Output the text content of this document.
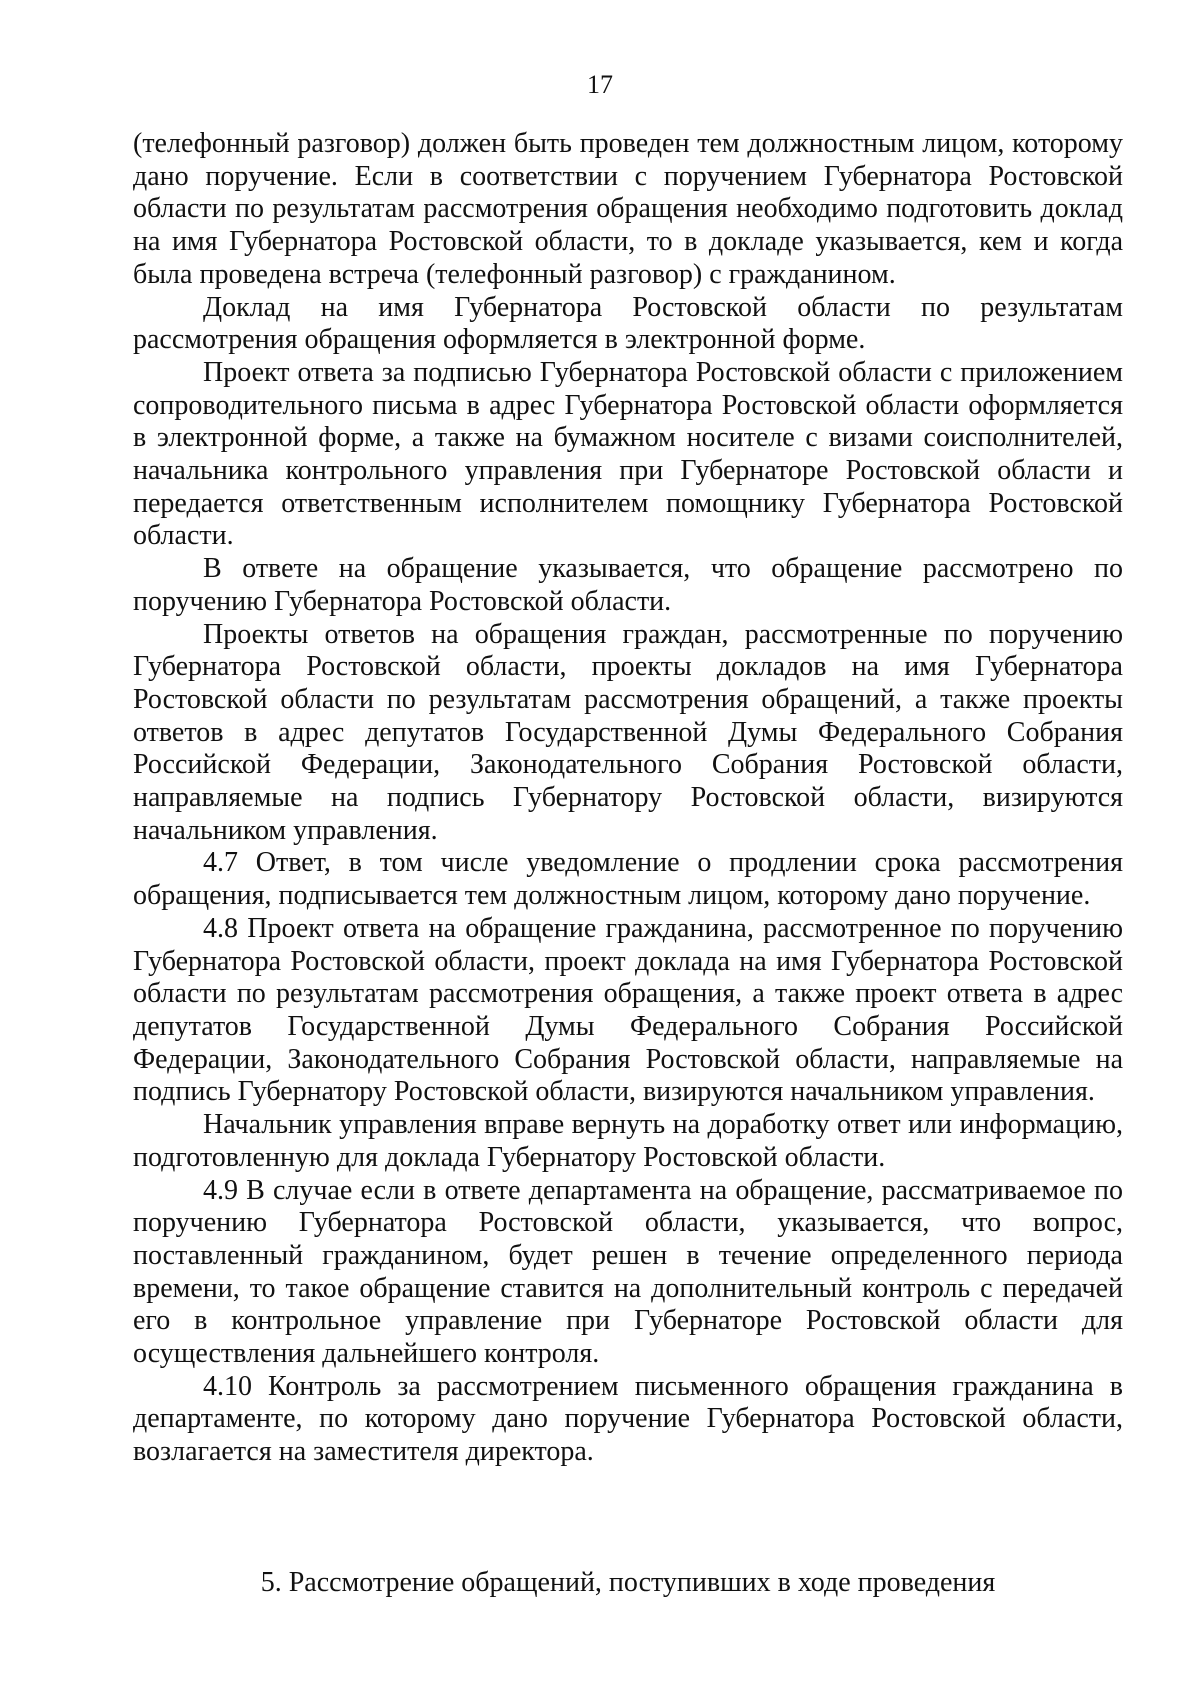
17

(телефонный разговор) должен быть проведен тем должностным лицом, которому дано поручение. Если в соответствии с поручением Губернатора Ростовской области по результатам рассмотрения обращения необходимо подготовить доклад на имя Губернатора Ростовской области, то в докладе указывается, кем и когда была проведена встреча (телефонный разговор) с гражданином.

Доклад на имя Губернатора Ростовской области по результатам рассмотрения обращения оформляется в электронной форме.

Проект ответа за подписью Губернатора Ростовской области с приложением сопроводительного письма в адрес Губернатора Ростовской области оформляется в электронной форме, а также на бумажном носителе с визами соисполнителей, начальника контрольного управления при Губернаторе Ростовской области и передается ответственным исполнителем помощнику Губернатора Ростовской области.

В ответе на обращение указывается, что обращение рассмотрено по поручению Губернатора Ростовской области.

Проекты ответов на обращения граждан, рассмотренные по поручению Губернатора Ростовской области, проекты докладов на имя Губернатора Ростовской области по результатам рассмотрения обращений, а также проекты ответов в адрес депутатов Государственной Думы Федерального Собрания Российской Федерации, Законодательного Собрания Ростовской области, направляемые на подпись Губернатору Ростовской области, визируются начальником управления.

4.7 Ответ, в том числе уведомление о продлении срока рассмотрения обращения, подписывается тем должностным лицом, которому дано поручение.

4.8 Проект ответа на обращение гражданина, рассмотренное по поручению Губернатора Ростовской области, проект доклада на имя Губернатора Ростовской области по результатам рассмотрения обращения, а также проект ответа в адрес депутатов Государственной Думы Федерального Собрания Российской Федерации, Законодательного Собрания Ростовской области, направляемые на подпись Губернатору Ростовской области, визируются начальником управления.

Начальник управления вправе вернуть на доработку ответ или информацию, подготовленную для доклада Губернатору Ростовской области.

4.9 В случае если в ответе департамента на обращение, рассматриваемое по поручению Губернатора Ростовской области, указывается, что вопрос, поставленный гражданином, будет решен в течение определенного периода времени, то такое обращение ставится на дополнительный контроль с передачей его в контрольное управление при Губернаторе Ростовской области для осуществления дальнейшего контроля.

4.10 Контроль за рассмотрением письменного обращения гражданина в департаменте, по которому дано поручение Губернатора Ростовской области, возлагается на заместителя директора.

5. Рассмотрение обращений, поступивших в ходе проведения
